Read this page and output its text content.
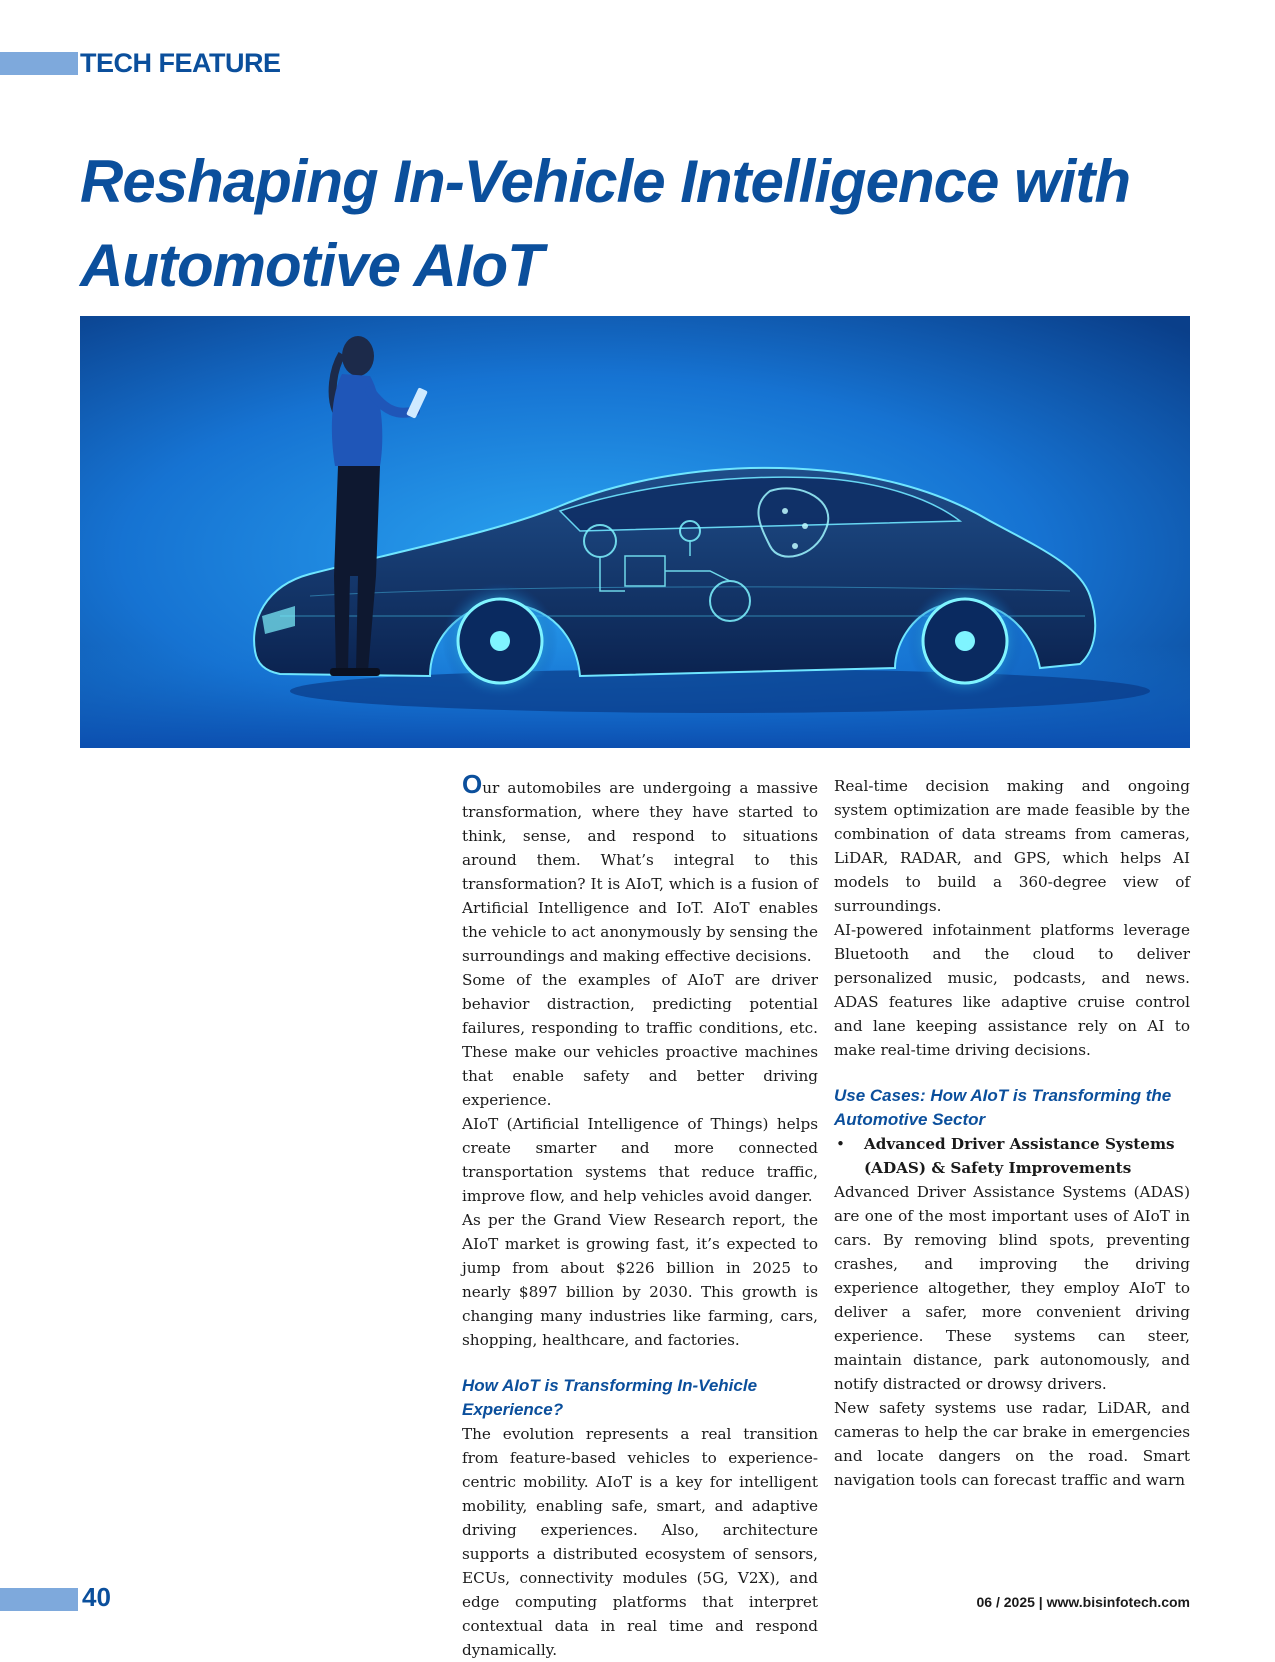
TECH FEATURE
Reshaping In-Vehicle Intelligence with
Automotive AIoT

Our automobiles are undergoing a massive transformation, where they have started to think, sense, and respond to situations around them. What’s integral to this transformation? It is AIoT, which is a fusion of Artificial Intelligence and IoT. AIoT enables the vehicle to act anonymously by sensing the surroundings and making effective decisions.

Some of the examples of AIoT are driver behavior distraction, predicting potential failures, responding to traffic conditions, etc. These make our vehicles proactive machines that enable safety and better driving experience.

AIoT (Artificial Intelligence of Things) helps create smarter and more connected transportation systems that reduce traffic, improve flow, and help vehicles avoid danger.

As per the Grand View Research report, the AIoT market is growing fast, it’s expected to jump from about $226 billion in 2025 to nearly $897 billion by 2030. This growth is changing many industries like farming, cars, shopping, healthcare, and factories.

How AIoT is Transforming In-Vehicle Experience?

The evolution represents a real transition from feature-based vehicles to experience-centric mobility. AIoT is a key for intelligent mobility, enabling safe, smart, and adaptive driving experiences. Also, architecture supports a distributed ecosystem of sensors, ECUs, connectivity modules (5G, V2X), and edge computing platforms that interpret contextual data in real time and respond dynamically.

Real-time decision making and ongoing system optimization are made feasible by the combination of data streams from cameras, LiDAR, RADAR, and GPS, which helps AI models to build a 360-degree view of surroundings.

AI-powered infotainment platforms leverage Bluetooth and the cloud to deliver personalized music, podcasts, and news. ADAS features like adaptive cruise control and lane keeping assistance rely on AI to make real-time driving decisions.

Use Cases: How AIoT is Transforming the Automotive Sector
•	Advanced Driver Assistance Systems (ADAS) & Safety Improvements

Advanced Driver Assistance Systems (ADAS) are one of the most important uses of AIoT in cars. By removing blind spots, preventing crashes, and improving the driving experience altogether, they employ AIoT to deliver a safer, more convenient driving experience. These systems can steer, maintain distance, park autonomously, and notify distracted or drowsy drivers.

New safety systems use radar, LiDAR, and cameras to help the car brake in emergencies and locate dangers on the road. Smart navigation tools can forecast traffic and warn

40	06 / 2025 | www.bisinfotech.com
